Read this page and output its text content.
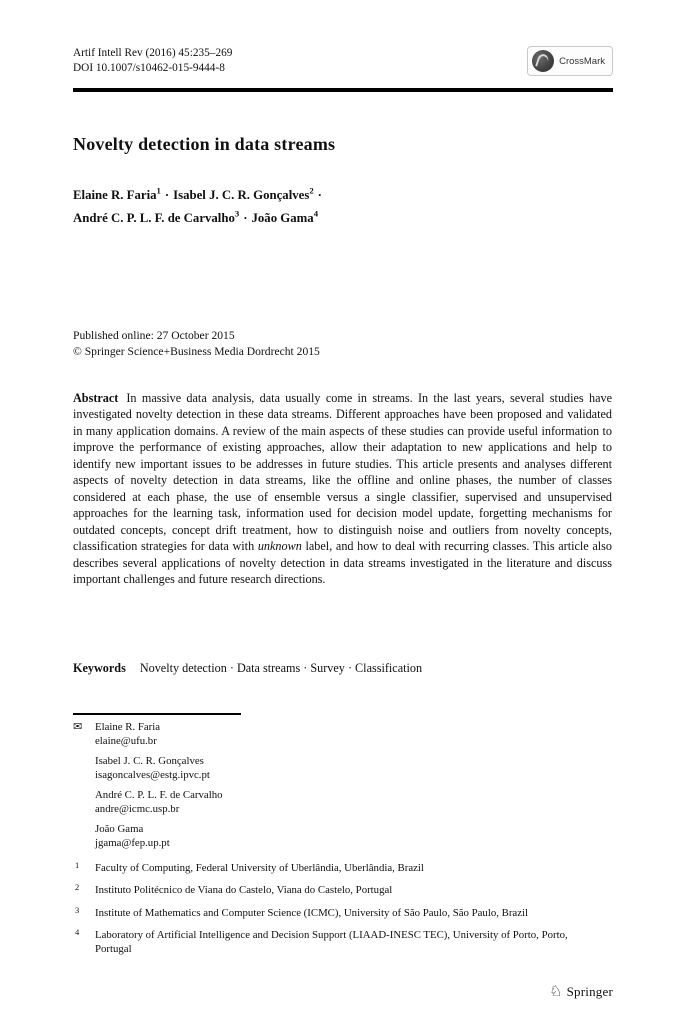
Artif Intell Rev (2016) 45:235–269
DOI 10.1007/s10462-015-9444-8
CrossMark
Novelty detection in data streams
Elaine R. Faria$^1$ · Isabel J. C. R. Gonçalves$^2$ ·
André C. P. L. F. de Carvalho$^3$ · João Gama$^4$
Published online: 27 October 2015
© Springer Science+Business Media Dordrecht 2015
Abstract In massive data analysis, data usually come in streams. In the last years, several studies have investigated novelty detection in these data streams. Different approaches have been proposed and validated in many application domains. A review of the main aspects of these studies can provide useful information to improve the performance of existing approaches, allow their adaptation to new applications and help to identify new important issues to be addresses in future studies. This article presents and analyses different aspects of novelty detection in data streams, like the offline and online phases, the number of classes considered at each phase, the use of ensemble versus a single classifier, supervised and unsupervised approaches for the learning task, information used for decision model update, forgetting mechanisms for outdated concepts, concept drift treatment, how to distinguish noise and outliers from novelty concepts, classification strategies for data with unknown label, and how to deal with recurring classes. This article also describes several applications of novelty detection in data streams investigated in the literature and discuss important challenges and future research directions.
Keywords Novelty detection · Data streams · Survey · Classification
✉ Elaine R. Faria
elaine@ufu.br
Isabel J. C. R. Gonçalves
isagoncalves@estg.ipvc.pt
André C. P. L. F. de Carvalho
andre@icmc.usp.br
João Gama
jgama@fep.up.pt
1 Faculty of Computing, Federal University of Uberlândia, Uberlândia, Brazil
2 Instituto Politécnico de Viana do Castelo, Viana do Castelo, Portugal
3 Institute of Mathematics and Computer Science (ICMC), University of São Paulo, São Paulo, Brazil
4 Laboratory of Artificial Intelligence and Decision Support (LIAAD-INESC TEC), University of Porto, Porto, Portugal
♘ Springer
